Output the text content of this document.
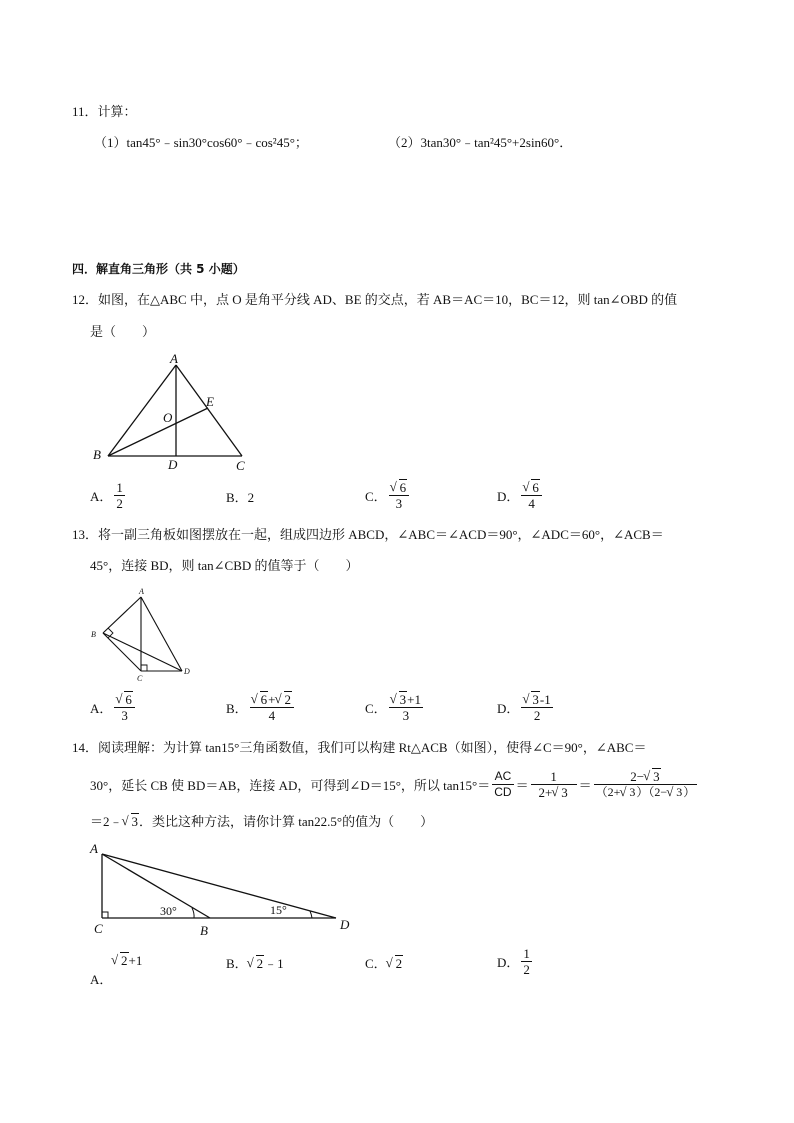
11．计算：
（1）tan45°﹣sin30°cos60°﹣cos²45°；	（2）3tan30°﹣tan²45°+2sin60°．
四．解直角三角形（共 5 小题）
12．如图，在△ABC 中，点 O 是角平分线 AD、BE 的交点，若 AB＝AC＝10，BC＝12，则 tan∠OBD 的值
是（　　）
A
B
C
D
E
O
A． $\frac{1}{2}$	B．2	C． √ $\frac{6}{3}$	D． √ $\frac{6}{4}$
13．将一副三角板如图摆放在一起，组成四边形 ABCD，∠ABC＝∠ACD＝90°，∠ADC＝60°，∠ACB＝
45°，连接 BD，则 tan∠CBD 的值等于（　　）
A
B
C
D
A． √ $\frac{6}{3}$	B． √ $\frac{6+ √ 2}{4}$	C． √ $\frac{3+1}{3}$	D． √ $\frac{3-1}{2}$
14．阅读理解：为计算 tan15°三角函数值，我们可以构建 Rt△ACB（如图），使得∠C＝90°，∠ABC＝
30°，延长 CB 使 BD＝AB，连接 AD，可得到∠D＝15°，所以 $\tan 15^\circ = \frac{AC}{CD} = \frac{1}{2+ √ 3} = \frac{2- √ 3}{(2+ √ 3)(2- √ 3)}$
＝2﹣ √ 3．类比这种方法，请你计算 tan22.5°的值为（　　）
A
C	B	D
30°	15°
A．
√ 2+1	B． √ 2﹣1	C． √ 2	D． $\frac{1}{2}$
